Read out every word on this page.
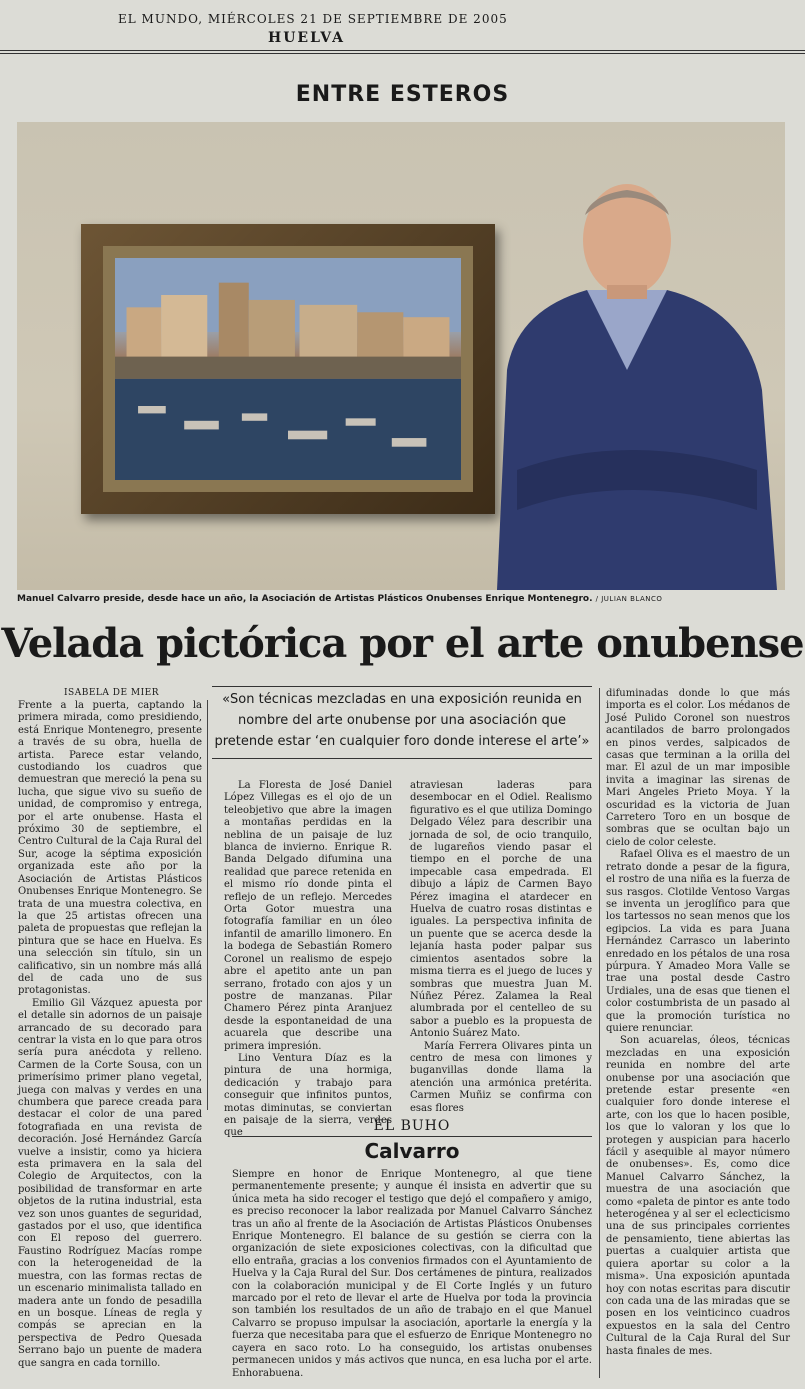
EL MUNDO, MIÉRCOLES 21 DE SEPTIEMBRE DE 2005
HUELVA
ENTRE ESTEROS
Manuel Calvarro preside, desde hace un año, la Asociación de Artistas Plásticos Onubenses Enrique Montenegro. / JULIAN BLANCO
Velada pictórica por el arte onubense
ISABELA DE MIER	«Son técnicas mezcladas en una exposición reunida en nombre del arte onubense por una asociación que pretende estar ‘en cualquier foro donde interese el arte’»

Frente a la puerta, captando la primera mirada, como presidiendo, está Enrique Montenegro, presente a través de su obra, huella de artista. Parece estar velando, custodiando los cuadros que demuestran que mereció la pena su lucha, que sigue vivo su sueño de unidad, de compromiso y entrega, por el arte onubense. Hasta el próximo 30 de septiembre, el Centro Cultural de la Caja Rural del Sur, acoge la séptima exposición organizada este año por la Asociación de Artistas Plásticos Onubenses Enrique Montenegro. Se trata de una muestra colectiva, en la que 25 artistas ofrecen una paleta de propuestas que reflejan la pintura que se hace en Huelva. Es una selección sin título, sin un calificativo, sin un nombre más allá del de cada uno de sus protagonistas.

Emilio Gil Vázquez apuesta por el detalle sin adornos de un paisaje arrancado de su decorado para centrar la vista en lo que para otros sería pura anécdota y relleno. Carmen de la Corte Sousa, con un primerísimo primer plano vegetal, juega con malvas y verdes en una chumbera que parece creada para destacar el color de una pared fotografiada en una revista de decoración. José Hernández García vuelve a insistir, como ya hiciera esta primavera en la sala del Colegio de Arquitectos, con la posibilidad de transformar en arte objetos de la rutina industrial, esta vez son unos guantes de seguridad, gastados por el uso, que identifica con El reposo del guerrero. Faustino Rodríguez Macías rompe con la heterogeneidad de la muestra, con las formas rectas de un escenario minimalista tallado en madera ante un fondo de pesadilla en un bosque. Líneas de regla y compás se aprecian en la perspectiva de Pedro Quesada Serrano bajo un puente de madera que sangra en cada tornillo.

La Floresta de José Daniel López Villegas es el ojo de un teleobjetivo que abre la imagen a montañas perdidas en la neblina de un paisaje de luz blanca de invierno. Enrique R. Banda Delgado difumina una realidad que parece retenida en el mismo río donde pinta el reflejo de un reflejo. Mercedes Orta Gotor muestra una fotografía familiar en un óleo infantil de amarillo limonero. En la bodega de Sebastián Romero Coronel un realismo de espejo abre el apetito ante un pan serrano, frotado con ajos y un postre de manzanas. Pilar Chamero Pérez pinta Aranjuez desde la espontaneidad de una acuarela que describe una primera impresión.

Lino Ventura Díaz es la pintura de una hormiga, dedicación y trabajo para conseguir que infinitos puntos, motas diminutas, se conviertan en paisaje de la sierra, verdes que

atraviesan laderas para desembocar en el Odiel. Realismo figurativo es el que utiliza Domingo Delgado Vélez para describir una jornada de sol, de ocio tranquilo, de lugareños viendo pasar el tiempo en el porche de una impecable casa empedrada. El dibujo a lápiz de Carmen Bayo Pérez imagina el atardecer en Huelva de cuatro rosas distintas e iguales. La perspectiva infinita de un puente que se acerca desde la lejanía hasta poder palpar sus cimientos asentados sobre la misma tierra es el juego de luces y sombras que muestra Juan M. Núñez Pérez. Zalamea la Real alumbrada por el centelleo de su sabor a pueblo es la propuesta de Antonio Suárez Mato.

María Ferrera Olivares pinta un centro de mesa con limones y buganvillas donde llama la atención una armónica pretérita. Carmen Muñiz se confirma con esas flores

difuminadas donde lo que más importa es el color. Los médanos de José Pulido Coronel son nuestros acantilados de barro prolongados en pinos verdes, salpicados de casas que terminan a la orilla del mar. El azul de un mar imposible invita a imaginar las sirenas de Mari Angeles Prieto Moya. Y la oscuridad es la victoria de Juan Carretero Toro en un bosque de sombras que se ocultan bajo un cielo de color celeste.

Rafael Oliva es el maestro de un retrato donde a pesar de la figura, el rostro de una niña es la fuerza de sus rasgos. Clotilde Ventoso Vargas se inventa un jeroglífico para que los tartessos no sean menos que los egipcios. La vida es para Juana Hernández Carrasco un laberinto enredado en los pétalos de una rosa púrpura. Y Amadeo Mora Valle se trae una postal desde Castro Urdiales, una de esas que tienen el color costumbrista de un pasado al que la promoción turística no quiere renunciar.

Son acuarelas, óleos, técnicas mezcladas en una exposición reunida en nombre del arte onubense por una asociación que pretende estar presente «en cualquier foro donde interese el arte, con los que lo hacen posible, los que lo valoran y los que lo protegen y auspician para hacerlo fácil y asequible al mayor número de onubenses». Es, como dice Manuel Calvarro Sánchez, la muestra de una asociación que como «paleta de pintor es ante todo heterogénea y al ser el eclecticismo una de sus principales corrientes de pensamiento, tiene abiertas las puertas a cualquier artista que quiera aportar su color a la misma». Una exposición apuntada hoy con notas escritas para discutir con cada una de las miradas que se posen en los veinticinco cuadros expuestos en la sala del Centro Cultural de la Caja Rural del Sur hasta finales de mes.

EL BUHO
Calvarro
Siempre en honor de Enrique Montenegro, al que tiene permanentemente presente; y aunque él insista en advertir que su única meta ha sido recoger el testigo que dejó el compañero y amigo, es preciso reconocer la labor realizada por Manuel Calvarro Sánchez tras un año al frente de la Asociación de Artistas Plásticos Onubenses Enrique Montenegro. El balance de su gestión se cierra con la organización de siete exposiciones colectivas, con la dificultad que ello entraña, gracias a los convenios firmados con el Ayuntamiento de Huelva y la Caja Rural del Sur. Dos certámenes de pintura, realizados con la colaboración municipal y de El Corte Inglés y un futuro marcado por el reto de llevar el arte de Huelva por toda la provincia son también los resultados de un año de trabajo en el que Manuel Calvarro se propuso impulsar la asociación, aportarle la energía y la fuerza que necesitaba para que el esfuerzo de Enrique Montenegro no cayera en saco roto. Lo ha conseguido, los artistas onubenses permanecen unidos y más activos que nunca, en esa lucha por el arte. Enhorabuena.
